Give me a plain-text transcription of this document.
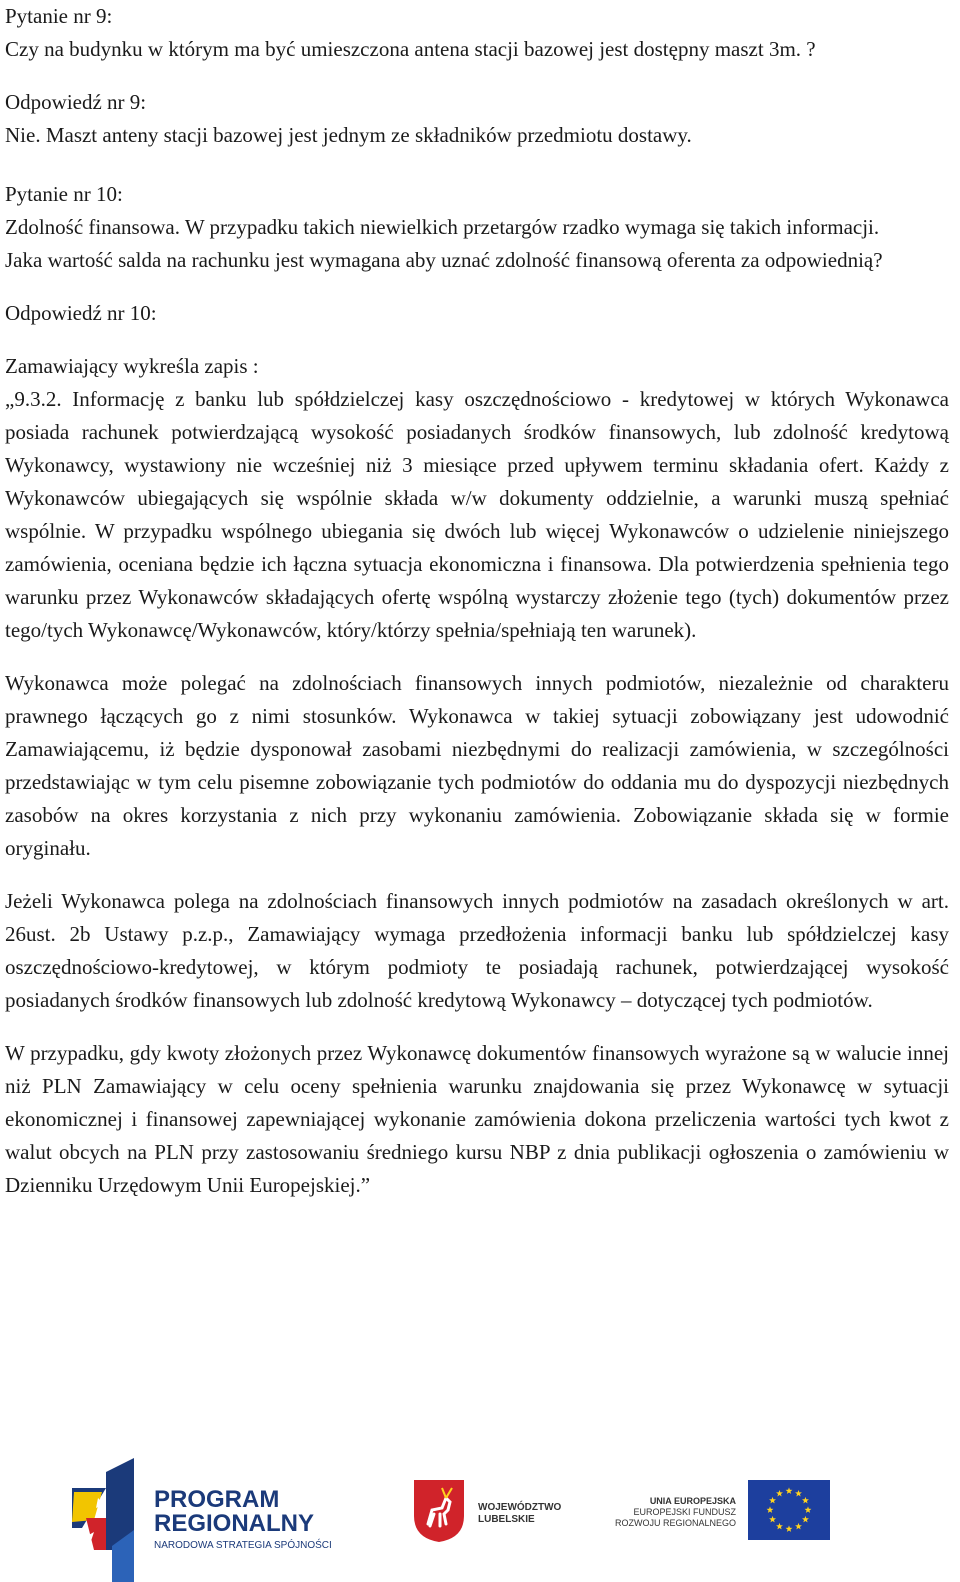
Pytanie nr 9:

Czy na budynku w którym ma być umieszczona antena stacji bazowej jest dostępny maszt 3m. ?

Odpowiedź nr 9:

Nie. Maszt anteny stacji bazowej jest jednym ze składników przedmiotu dostawy.

Pytanie nr 10:

Zdolność finansowa. W przypadku takich niewielkich przetargów rzadko wymaga się takich informacji.

Jaka wartość salda na rachunku jest wymagana aby uznać zdolność finansową oferenta za odpowiednią?

Odpowiedź nr 10:

Zamawiający wykreśla zapis :

„9.3.2. Informację z banku lub spółdzielczej kasy oszczędnościowo - kredytowej w których Wykonawca posiada rachunek potwierdzającą wysokość posiadanych środków finansowych, lub zdolność kredytową Wykonawcy, wystawiony nie wcześniej niż 3 miesiące przed upływem terminu składania ofert. Każdy z Wykonawców ubiegających się wspólnie składa w/w dokumenty oddzielnie, a warunki muszą spełniać wspólnie. W przypadku wspólnego ubiegania się dwóch lub więcej Wykonawców o udzielenie niniejszego zamówienia, oceniana będzie ich łączna sytuacja ekonomiczna i finansowa. Dla potwierdzenia spełnienia tego warunku przez Wykonawców składających ofertę wspólną wystarczy złożenie tego (tych) dokumentów przez tego/tych Wykonawcę/Wykonawców, który/którzy spełnia/spełniają ten warunek).

Wykonawca może polegać na zdolnościach finansowych innych podmiotów, niezależnie od charakteru prawnego łączących go z nimi stosunków. Wykonawca w takiej sytuacji zobowiązany jest udowodnić Zamawiającemu, iż będzie dysponował zasobami niezbędnymi do realizacji zamówienia, w szczególności przedstawiając w tym celu pisemne zobowiązanie tych podmiotów do oddania mu do dyspozycji niezbędnych zasobów na okres korzystania z nich przy wykonaniu zamówienia. Zobowiązanie składa się w formie oryginału.

Jeżeli Wykonawca polega na zdolnościach finansowych innych podmiotów na zasadach określonych w art. 26ust. 2b Ustawy p.z.p., Zamawiający wymaga przedłożenia informacji banku lub spółdzielczej kasy oszczędnościowo-kredytowej, w którym podmioty te posiadają rachunek, potwierdzającej wysokość posiadanych środków finansowych lub zdolność kredytową Wykonawcy – dotyczącej tych podmiotów.

W przypadku, gdy kwoty złożonych przez Wykonawcę dokumentów finansowych wyrażone są w walucie innej niż PLN Zamawiający w celu oceny spełnienia warunku znajdowania się przez Wykonawcę w sytuacji ekonomicznej i finansowej zapewniającej wykonanie zamówienia dokona przeliczenia wartości tych kwot z walut obcych na PLN przy zastosowaniu średniego kursu NBP z dnia publikacji ogłoszenia o zamówieniu w Dzienniku Urzędowym Unii Europejskiej.”

PROGRAM
REGIONALNY
NARODOWA STRATEGIA SPÓJNOŚCI
WOJEWÓDZTWO
LUBELSKIE
UNIA EUROPEJSKA
EUROPEJSKI FUNDUSZ
ROZWOJU REGIONALNEGO
